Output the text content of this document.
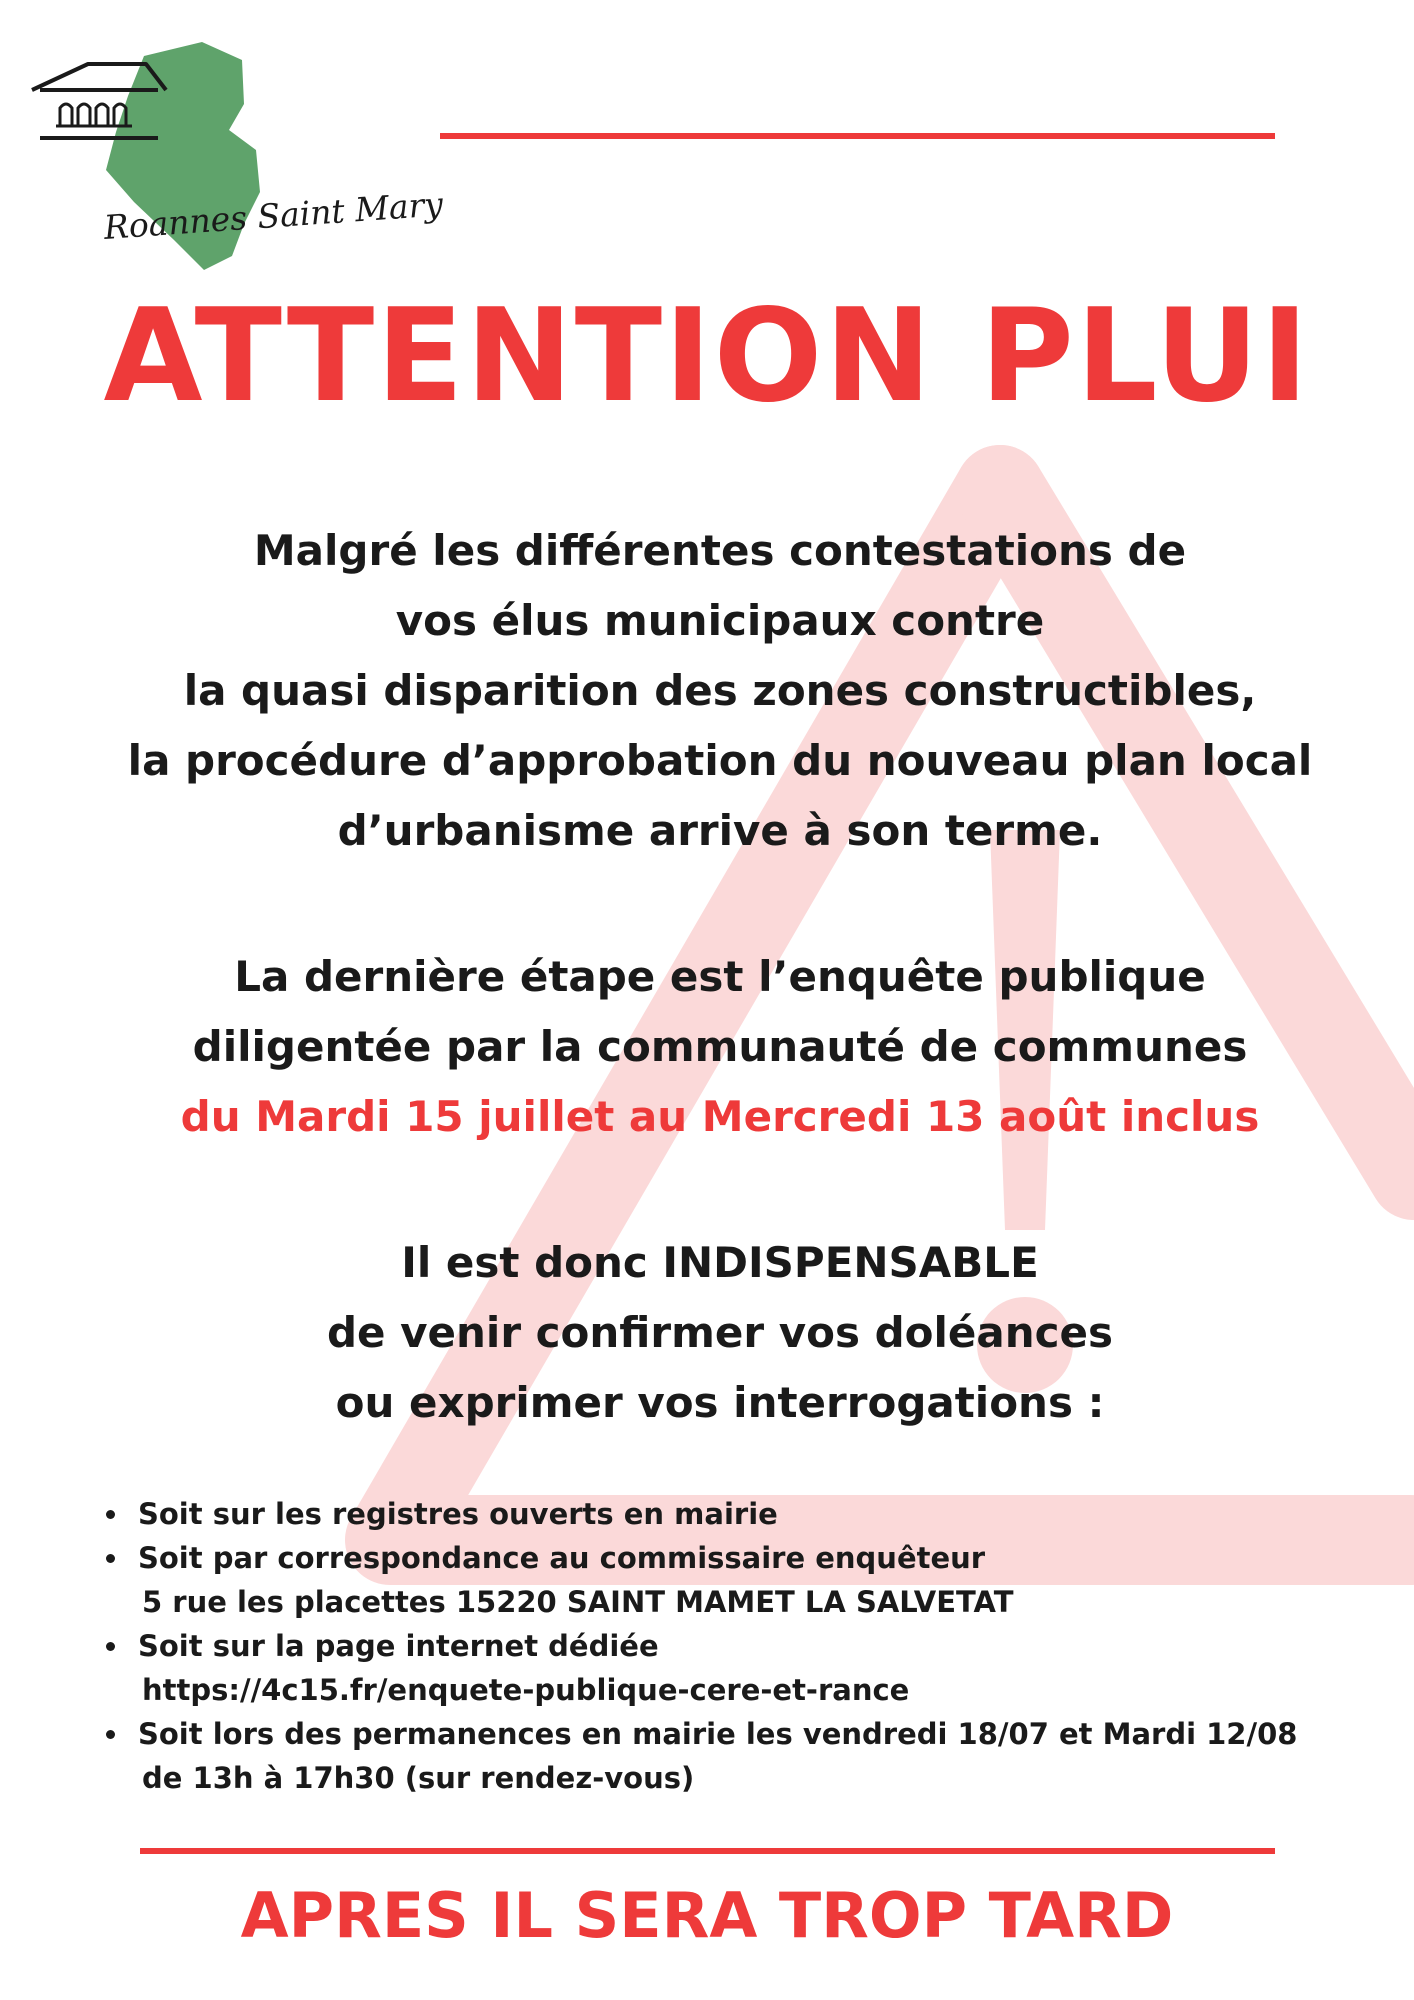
Roannes Saint Mary
ATTENTION PLUI
Malgré les différentes contestations de
vos élus municipaux contre
la quasi disparition des zones constructibles,
la procédure d’approbation du nouveau plan local
d’urbanisme arrive à son terme.
La dernière étape est l’enquête publique
diligentée par la communauté de communes
du Mardi 15 juillet au Mercredi 13 août inclus
Il est donc INDISPENSABLE
de venir confirmer vos doléances
ou exprimer vos interrogations :
Soit sur les registres ouverts en mairie
Soit par correspondance au commissaire enquêteur
5 rue les placettes 15220 SAINT MAMET LA SALVETAT
Soit sur la page internet dédiée
https://4c15.fr/enquete-publique-cere-et-rance
Soit lors des permanences en mairie les vendredi 18/07 et Mardi 12/08
de 13h à 17h30 (sur rendez-vous)
APRES IL SERA TROP TARD
